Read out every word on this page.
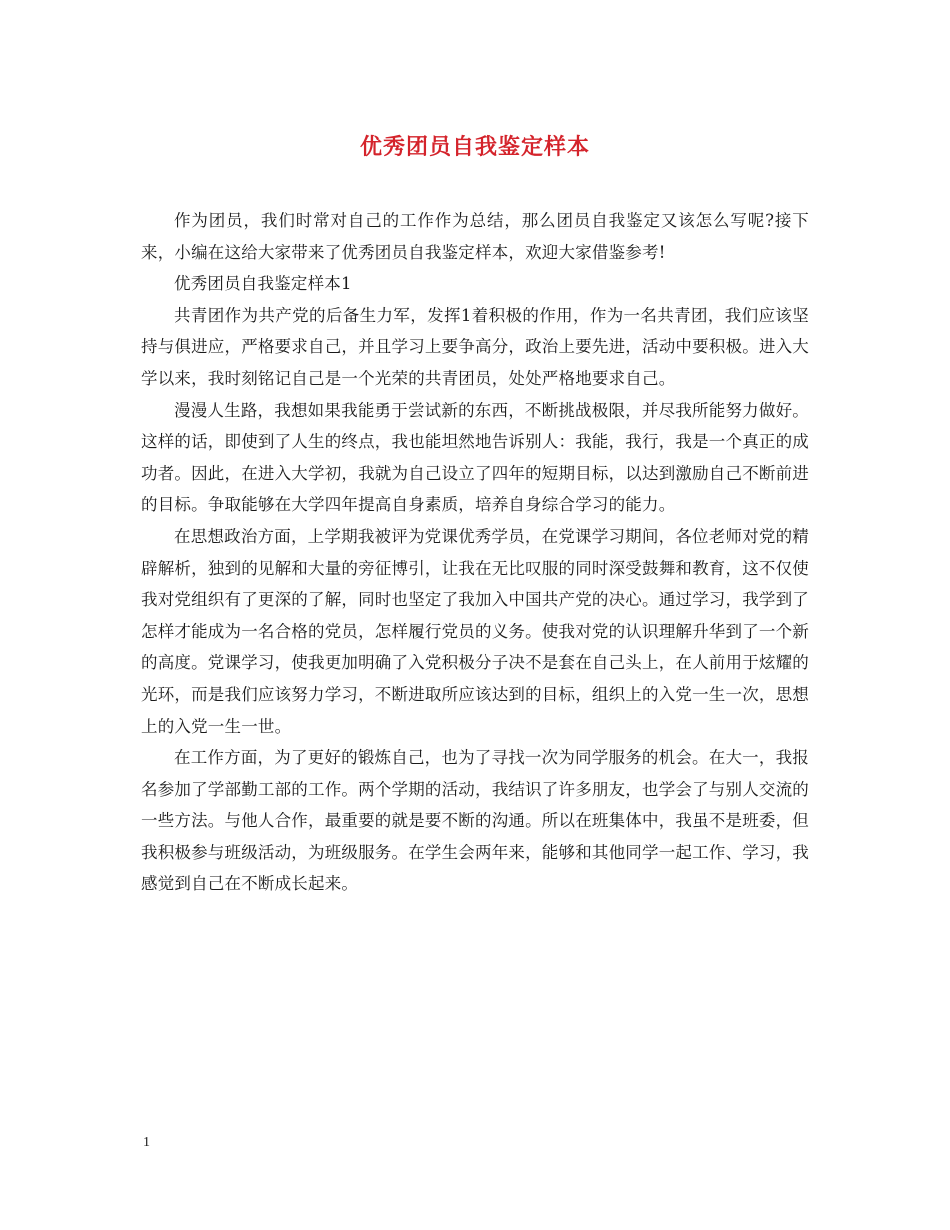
优秀团员自我鉴定样本

作为团员，我们时常对自己的工作作为总结，那么团员自我鉴定又该怎么写呢?接下来，小编在这给大家带来了优秀团员自我鉴定样本，欢迎大家借鉴参考!

优秀团员自我鉴定样本1

共青团作为共产党的后备生力军，发挥1着积极的作用，作为一名共青团，我们应该坚持与俱进应，严格要求自己，并且学习上要争高分，政治上要先进，活动中要积极。进入大学以来，我时刻铭记自己是一个光荣的共青团员，处处严格地要求自己。

漫漫人生路，我想如果我能勇于尝试新的东西，不断挑战极限，并尽我所能努力做好。这样的话，即使到了人生的终点，我也能坦然地告诉别人：我能，我行，我是一个真正的成功者。因此，在进入大学初，我就为自己设立了四年的短期目标，以达到激励自己不断前进的目标。争取能够在大学四年提高自身素质，培养自身综合学习的能力。

在思想政治方面，上学期我被评为党课优秀学员，在党课学习期间，各位老师对党的精辟解析，独到的见解和大量的旁征博引，让我在无比叹服的同时深受鼓舞和教育，这不仅使我对党组织有了更深的了解，同时也坚定了我加入中国共产党的决心。通过学习，我学到了怎样才能成为一名合格的党员，怎样履行党员的义务。使我对党的认识理解升华到了一个新的高度。党课学习，使我更加明确了入党积极分子决不是套在自己头上，在人前用于炫耀的光环，而是我们应该努力学习，不断进取所应该达到的目标，组织上的入党一生一次，思想上的入党一生一世。

在工作方面，为了更好的锻炼自己，也为了寻找一次为同学服务的机会。在大一，我报名参加了学部勤工部的工作。两个学期的活动，我结识了许多朋友，也学会了与别人交流的一些方法。与他人合作，最重要的就是要不断的沟通。所以在班集体中，我虽不是班委，但我积极参与班级活动，为班级服务。在学生会两年来，能够和其他同学一起工作、学习，我感觉到自己在不断成长起来。

1
